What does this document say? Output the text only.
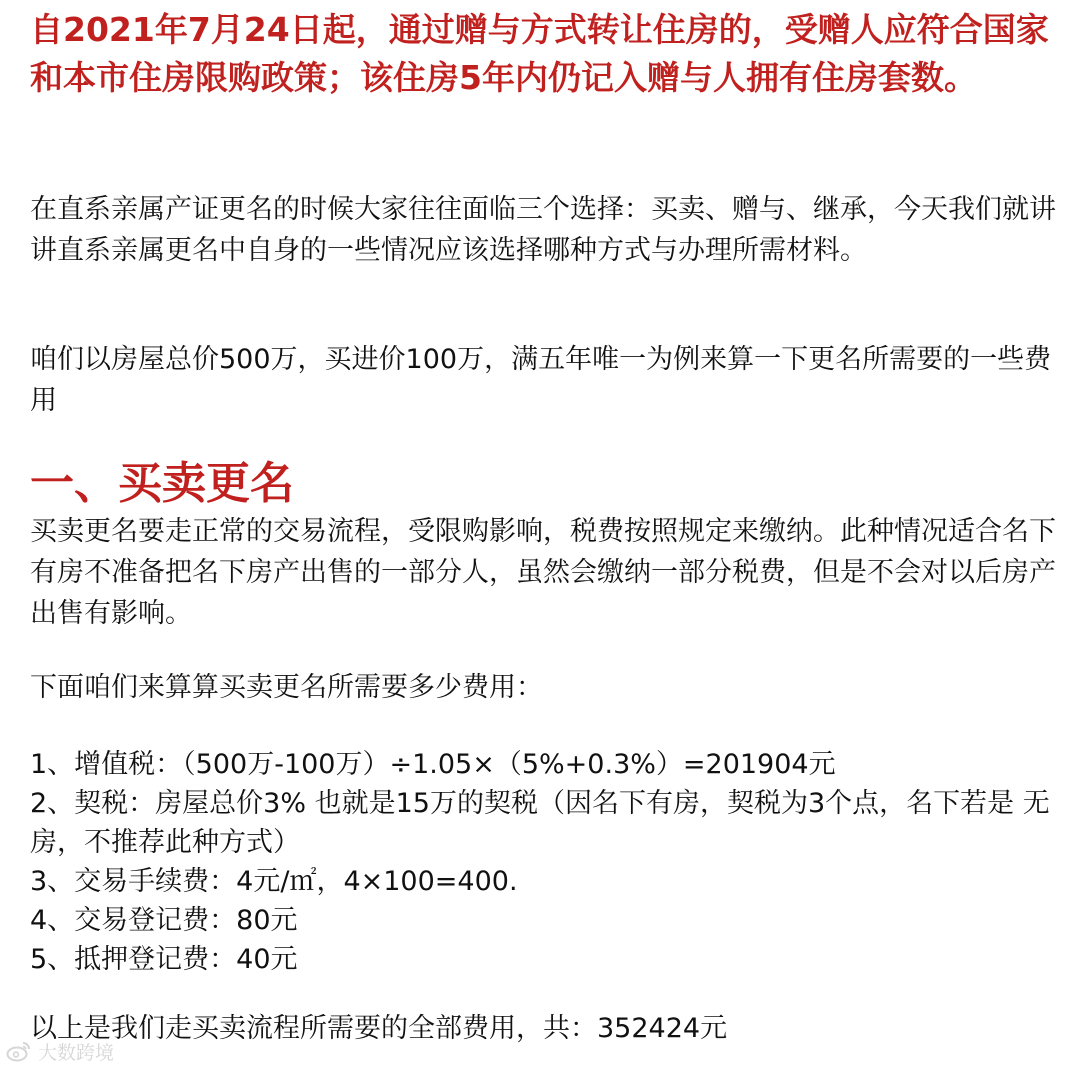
自2021年7月24日起，通过赠与方式转让住房的，受赠人应符合国家和本市住房限购政策；该住房5年内仍记入赠与人拥有住房套数。
在直系亲属产证更名的时候大家往往面临三个选择：买卖、赠与、继承，今天我们就讲讲直系亲属更名中自身的一些情况应该选择哪种方式与办理所需材料。
咱们以房屋总价500万，买进价100万，满五年唯一为例来算一下更名所需要的一些费用
一、买卖更名
买卖更名要走正常的交易流程，受限购影响，税费按照规定来缴纳。此种情况适合名下有房不准备把名下房产出售的一部分人，虽然会缴纳一部分税费，但是不会对以后房产出售有影响。
下面咱们来算算买卖更名所需要多少费用：
1、增值税：（500万-100万）÷1.05×（5%+0.3%）=201904元
2、契税：房屋总价3% 也就是15万的契税（因名下有房，契税为3个点，名下若是 无房，不推荐此种方式）
3、交易手续费：4元/㎡，4×100=400.
4、交易登记费：80元
5、抵押登记费：40元
以上是我们走买卖流程所需要的全部费用，共：352424元
大数跨境
